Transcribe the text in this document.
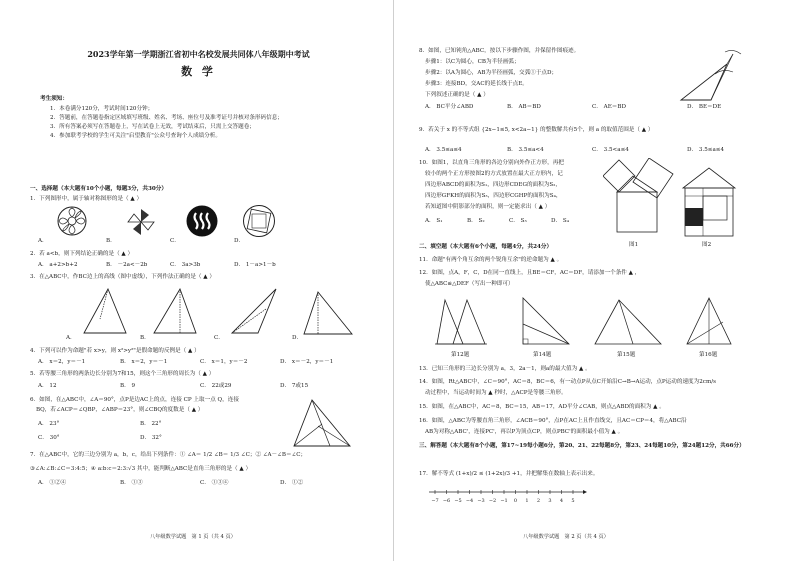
2023学年第一学期浙江省初中名校发展共同体八年级期中考试
数 学
考生须知：
1．本卷满分120分，考试时间120分钟；
2．答题前，在答题卷指定区域填写班级、姓名、考场、座位号及准考证号并核对条形码信息；
3．所有答案必须写在答题卷上，写在试卷上无效，考试结束后，只需上交答题卷；
4．参加联考学校的学生可关注"启望教育"公众号查询个人成绩分析。
一、选择题（本大题有10个小题，每题3分，共30分）
1．下列图形中，属于轴对称图形的是（ ▲ ）
A．	B．	C．	D．
2．若 a<b，则下列结论正确的是（ ▲ ）
A． a+2>b+2	B． －2a<－2b	C． 3a>3b	D． 1－a>1－b
3．在△ABC中，作BC边上的高线（图中虚线），下列作法正确的是（ ▲ ）
A．	B．	C．	D．
4．下列可以作为命题"若 x>y，则 x²>y²"是假命题的反例是（ ▲ ）
A． x＝2，y＝－1	B． x＝2，y＝－1	C． x＝1，y＝－2	D． x＝－2，y＝－1
5．若等腰三角形的两条边长分别为7和15，则这个三角形的周长为（ ▲ ）
A． 12	B． 9	C． 22或29	D． 7或15
6．如图，在△ABC中，∠A＝90°，点P是边AC上的点，连接 CP 上取一点 Q，连接
BQ，若∠ACP＝∠QBP，∠ABP＝23°，则∠CBQ的度数是（ ▲ ）
A． 23°	B． 22°
C． 30°	D． 32°
7．在△ABC中，它的三边分别为 a，b，c，给出下列条件：① ∠A＝ 1/2 ∠B＝ 1/3 ∠C；② ∠A－∠B＝∠C；
③∠A:∠B:∠C＝3:4:5；④ a:b:c＝2:3:√3 其中，能判断△ABC是直角三角形的是（ ▲ ）
A． ①②④	B． ①③	C． ①③④	D． ①②
八年级数学试题　第 1 页（共 4 页）
8．如图，已知钝角△ABC，按以下步骤作图，并保留作图痕迹。
步骤1：以C为圆心，CB为半径画弧；
步骤2：以A为圆心，AB为半径画弧，交弧①于点D；
步骤3：连接BD，交AC的延长线于点E。
下列叙述正确的是（ ▲ ）
A． BC平分∠ABD	B． AB＝BD	C． AE＝BD	D． BE＝DE
9．若关于 x 的不等式组 {2x−1≤5, x<2a−1} 的整数解共有5个，则 a 的取值范围是（ ▲ ）
A． 3.5≤a≤4	B． 3.5≤a<4	C． 3.5<a≤4	D． 3.5≤a≤4
10．如图1，以直角三角形的各边分别向外作正方形，再把
较小的两个正方形按图2的方式放置在最大正方形内，记
四边形ABCD的面积为S₁，四边形CDEG的面积为S₂，
四边形GFKH的面积为S₃，四边形CGHP的面积为S₄，
若知道图中阴影部分的面积，则一定能求出（ ▲ ）
A． S₁	B． S₂	C． S₃	D． S₄
图1	图2
二、填空题（本大题有6个小题，每题4分，共24分）
11．命题"有两个角互余的两个锐角互余"的逆命题为 ▲ 。
12．如图，点A，F，C，D在同一直线上，且BE＝CF，AC＝DF，请添加一个条件 ▲ ，
使△ABC≌△DEF（写出一种即可）
第12题	第14题	第15题	第16题
13．已知三角形的三边长分别为 a，3，2a－1，则a的最大值为 ▲ 。
14．如图，Rt△ABC中，∠C＝90°，AC＝8，BC＝6，有一动点P从点C开始沿C→B→A运动，点P运动的速度为2cm/s
动过程中，当运动时间为 ▲ 秒时，△ACP是等腰三角形。
15．如图，在△ABC中，AC＝8，BC＝15，AB＝17，AD平分∠CAB，则点△ABD的面积为 ▲ 。
16．如图，△ABC为等腰直角三角形，∠ACB＝90°，点P在AC上且作直线交，且AC＝CP＝4，将△ABC沿
AB为对称△ABC'，连接PC'，再以P为顶点CP，则点PBC'的面积最小值为 ▲ 。
三、解答题（本大题有8个小题，第17~19每小题6分，第20、21、22每题8分，第23、24每题10分，第24题12分，共66分）
17．解不等式 (1+x)/2 ≤ (1+2x)/3 +1，并把解集在数轴上表示出来。
−7 −6 −5 −4 −3 −2 −1 0 1 2 3 4 5
八年级数学试题　第 2 页（共 4 页）
